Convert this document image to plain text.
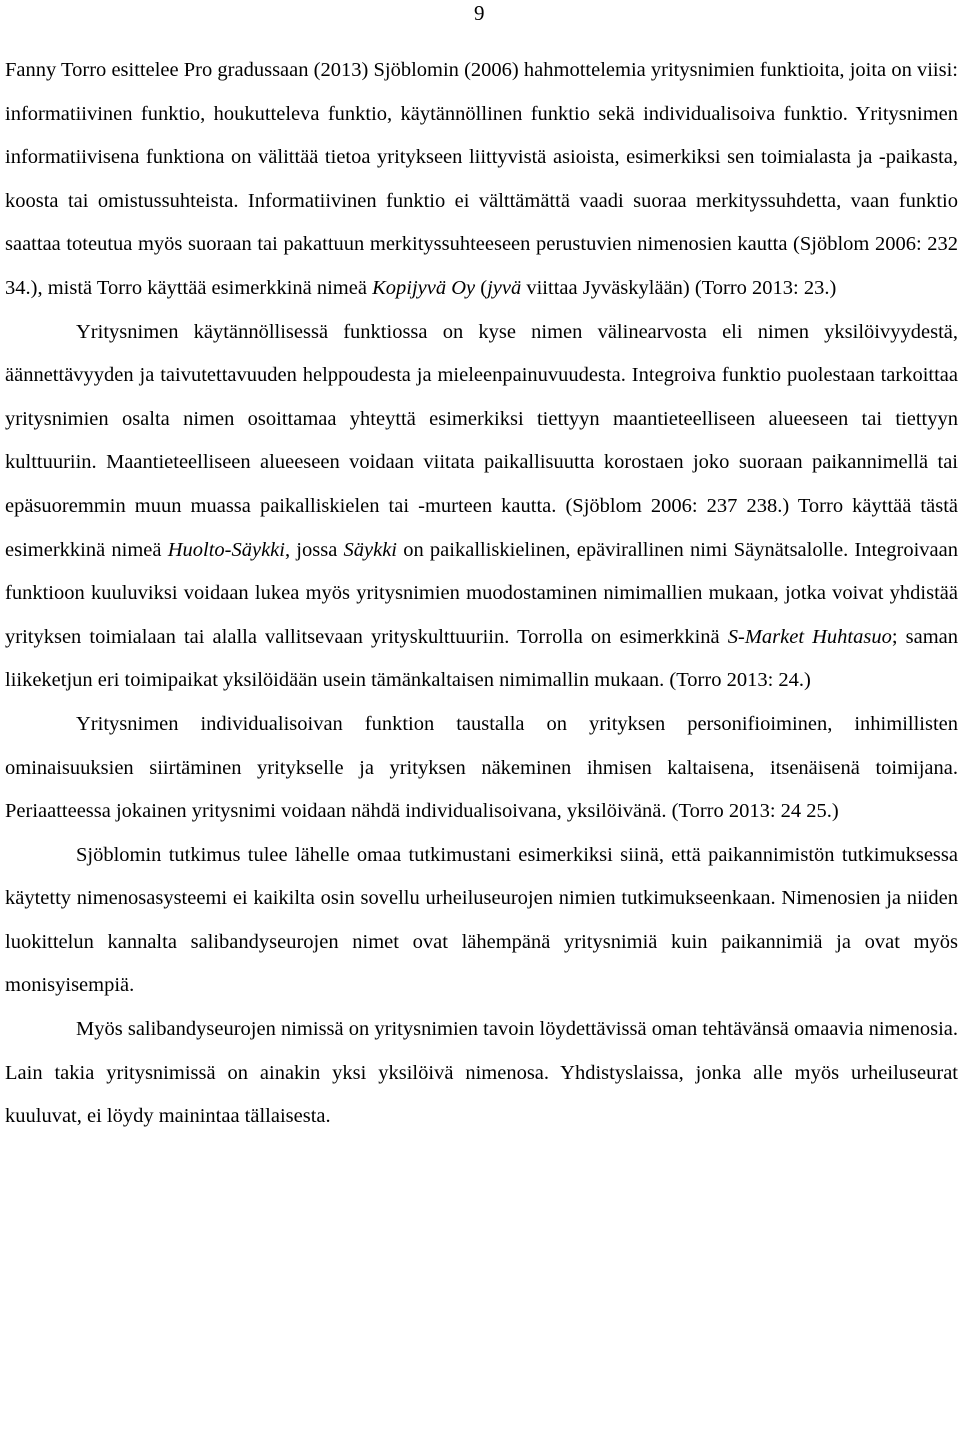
9

Fanny Torro esittelee Pro gradussaan (2013) Sjöblomin (2006) hahmottelemia yritysnimien funktioita, joita on viisi: informatiivinen funktio, houkutteleva funktio, käytännöllinen funktio sekä individualisoiva funktio. Yritysnimen informatiivisena funktiona on välittää tietoa yritykseen liittyvistä asioista, esimerkiksi sen toimialasta ja -paikasta, koosta tai omistussuhteista. Informatiivinen funktio ei välttämättä vaadi suoraa merkityssuhdetta, vaan funktio saattaa toteutua myös suoraan tai pakattuun merkityssuhteeseen perustuvien nimenosien kautta (Sjöblom 2006: 232 34.), mistä Torro käyttää esimerkkinä nimeä Kopijyvä Oy (jyvä viittaa Jyväskylään) (Torro 2013: 23.)

Yritysnimen käytännöllisessä funktiossa on kyse nimen välinearvosta eli nimen yksilöivyydestä, äännettävyyden ja taivutettavuuden helppoudesta ja mieleenpainuvuudesta. Integroiva funktio puolestaan tarkoittaa yritysnimien osalta nimen osoittamaa yhteyttä esimerkiksi tiettyyn maantieteelliseen alueeseen tai tiettyyn kulttuuriin. Maantieteelliseen alueeseen voidaan viitata paikallisuutta korostaen joko suoraan paikannimellä tai epäsuoremmin muun muassa paikalliskielen tai -murteen kautta. (Sjöblom 2006: 237 238.) Torro käyttää tästä esimerkkinä nimeä Huolto-Säykki, jossa Säykki on paikalliskielinen, epävirallinen nimi Säynätsalolle. Integroivaan funktioon kuuluviksi voidaan lukea myös yritysnimien muodostaminen nimimallien mukaan, jotka voivat yhdistää yrityksen toimialaan tai alalla vallitsevaan yrityskulttuuriin. Torrolla on esimerkkinä S-Market Huhtasuo; saman liikeketjun eri toimipaikat yksilöidään usein tämänkaltaisen nimimallin mukaan. (Torro 2013: 24.)

Yritysnimen individualisoivan funktion taustalla on yrityksen personifioiminen, inhimillisten ominaisuuksien siirtäminen yritykselle ja yrityksen näkeminen ihmisen kaltaisena, itsenäisenä toimijana. Periaatteessa jokainen yritysnimi voidaan nähdä individualisoivana, yksilöivänä. (Torro 2013: 24 25.)

Sjöblomin tutkimus tulee lähelle omaa tutkimustani esimerkiksi siinä, että paikannimistön tutkimuksessa käytetty nimenosasysteemi ei kaikilta osin sovellu urheiluseurojen nimien tutkimukseenkaan. Nimenosien ja niiden luokittelun kannalta salibandyseurojen nimet ovat lähempänä yritysnimiä kuin paikannimiä ja ovat myös monisyisempiä.

Myös salibandyseurojen nimissä on yritysnimien tavoin löydettävissä oman tehtävänsä omaavia nimenosia. Lain takia yritysnimissä on ainakin yksi yksilöivä nimenosa. Yhdistyslaissa, jonka alle myös urheiluseurat kuuluvat, ei löydy mainintaa tällaisesta.
